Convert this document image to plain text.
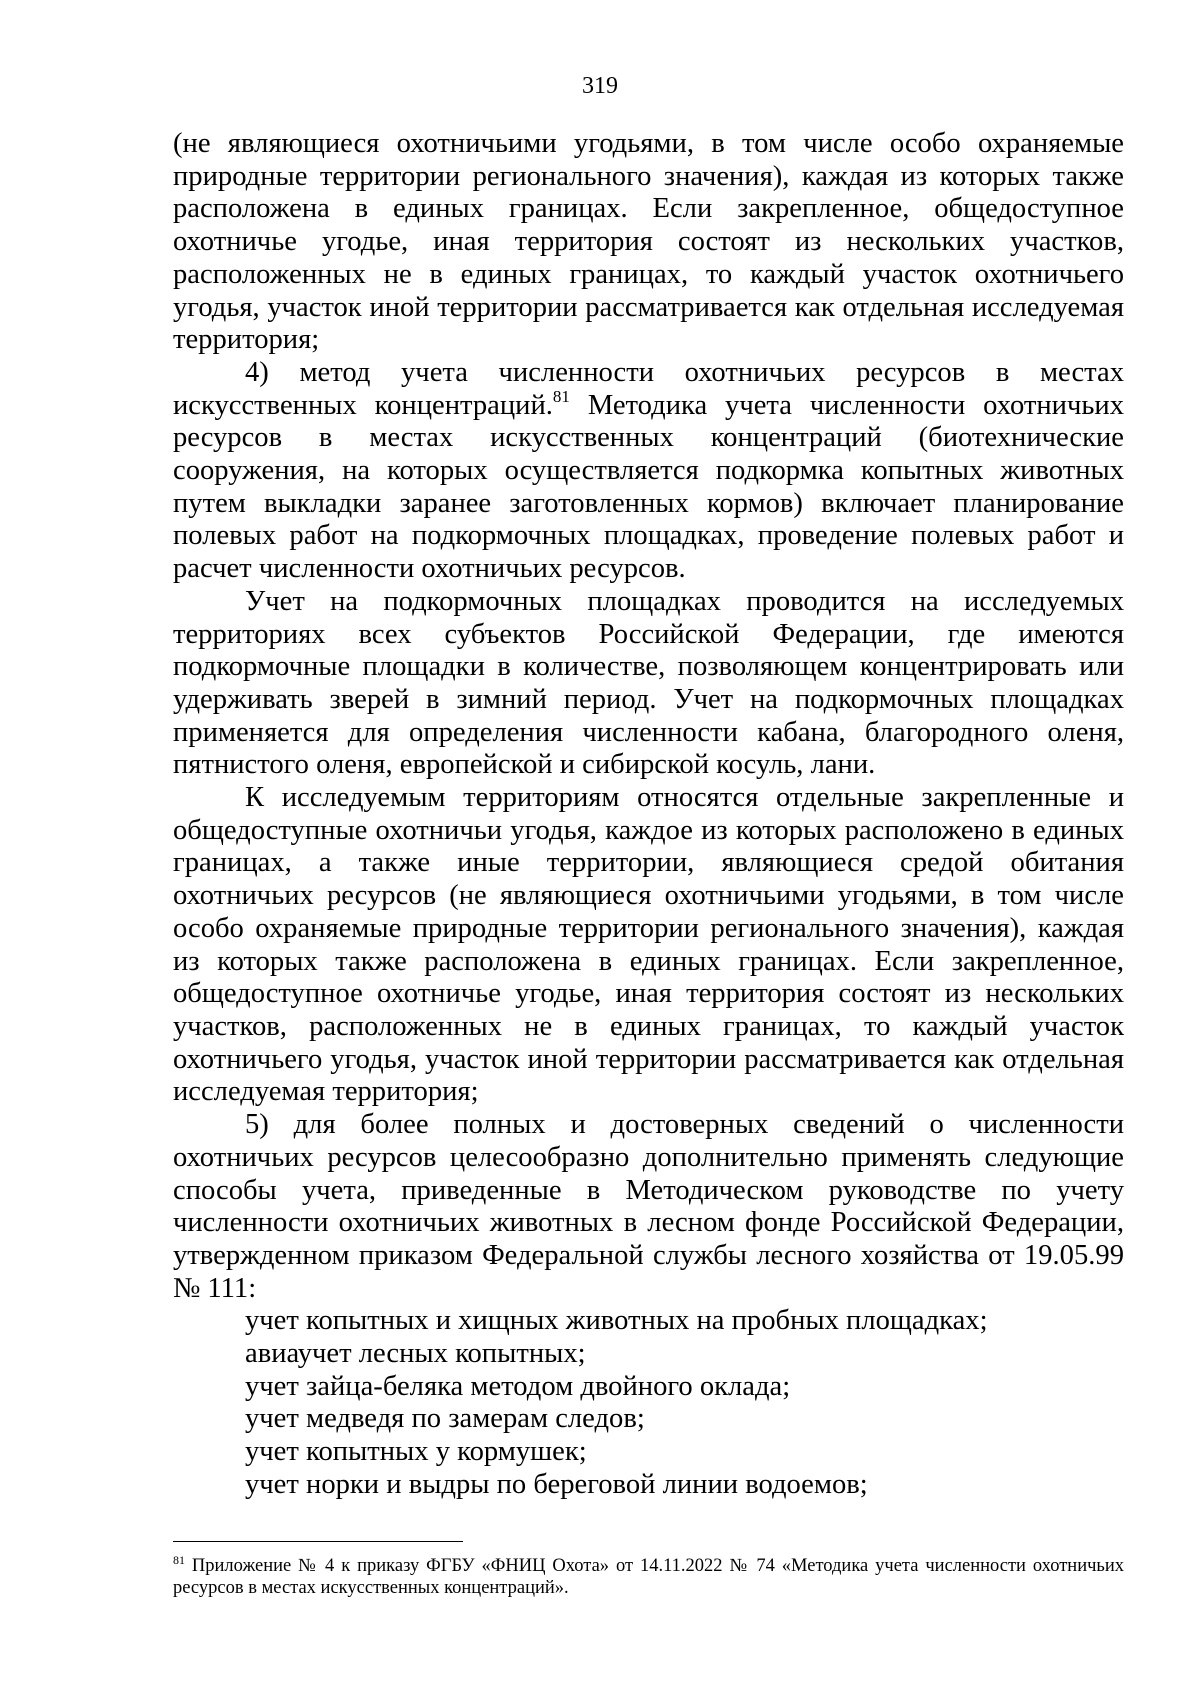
319

(не являющиеся охотничьими угодьями, в том числе особо охраняемые природные территории регионального значения), каждая из которых также расположена в единых границах. Если закрепленное, общедоступное охотничье угодье, иная территория состоят из нескольких участков, расположенных не в единых границах, то каждый участок охотничьего угодья, участок иной территории рассматривается как отдельная исследуемая территория;

4) метод учета численности охотничьих ресурсов в местах искусственных концентраций.$^{81}$ Методика учета численности охотничьих ресурсов в местах искусственных концентраций (биотехнические сооружения, на которых осуществляется подкормка копытных животных путем выкладки заранее заготовленных кормов) включает планирование полевых работ на подкормочных площадках, проведение полевых работ и расчет численности охотничьих ресурсов.

Учет на подкормочных площадках проводится на исследуемых территориях всех субъектов Российской Федерации, где имеются подкормочные площадки в количестве, позволяющем концентрировать или удерживать зверей в зимний период. Учет на подкормочных площадках применяется для определения численности кабана, благородного оленя, пятнистого оленя, европейской и сибирской косуль, лани.

К исследуемым территориям относятся отдельные закрепленные и общедоступные охотничьи угодья, каждое из которых расположено в единых границах, а также иные территории, являющиеся средой обитания охотничьих ресурсов (не являющиеся охотничьими угодьями, в том числе особо охраняемые природные территории регионального значения), каждая из которых также расположена в единых границах. Если закрепленное, общедоступное охотничье угодье, иная территория состоят из нескольких участков, расположенных не в единых границах, то каждый участок охотничьего угодья, участок иной территории рассматривается как отдельная исследуемая территория;

5) для более полных и достоверных сведений о численности охотничьих ресурсов целесообразно дополнительно применять следующие способы учета, приведенные в Методическом руководстве по учету численности охотничьих животных в лесном фонде Российской Федерации, утвержденном приказом Федеральной службы лесного хозяйства от 19.05.99 № 111:

учет копытных и хищных животных на пробных площадках;

авиаучет лесных копытных;

учет зайца-беляка методом двойного оклада;

учет медведя по замерам следов;

учет копытных у кормушек;

учет норки и выдры по береговой линии водоемов;

$^{81}$ Приложение № 4 к приказу ФГБУ «ФНИЦ Охота» от 14.11.2022 № 74 «Методика учета численности охотничьих ресурсов в местах искусственных концентраций».
